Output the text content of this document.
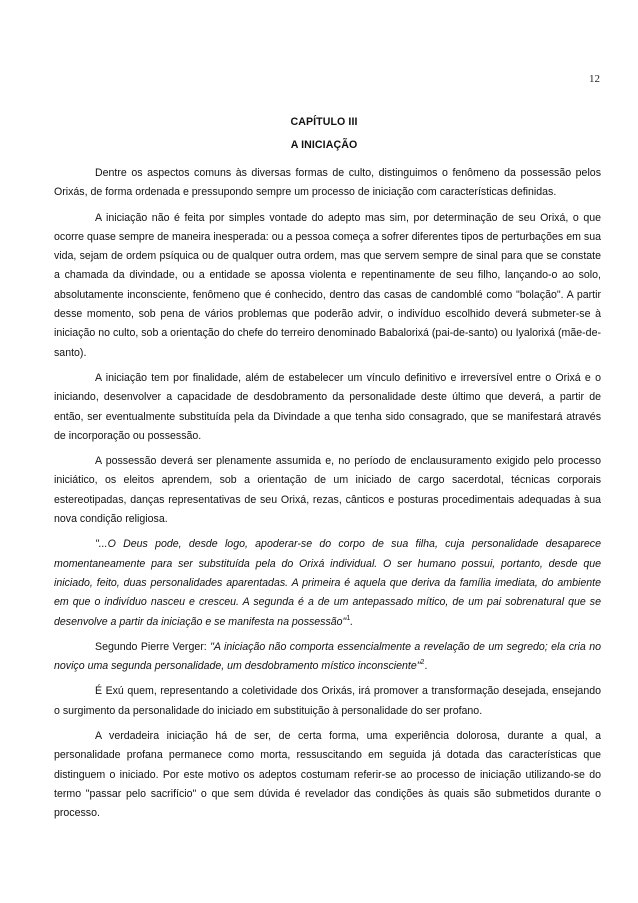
12
CAPÍTULO III
A INICIAÇÃO

Dentre os aspectos comuns às diversas formas de culto, distinguimos o fenômeno da possessão pelos Orixás, de forma ordenada e pressupondo sempre um processo de iniciação com características definidas.

A iniciação não é feita por simples vontade do adepto mas sim, por determinação de seu Orixá, o que ocorre quase sempre de maneira inesperada: ou a pessoa começa a sofrer diferentes tipos de perturbações em sua vida, sejam de ordem psíquica ou de qualquer outra ordem, mas que servem sempre de sinal para que se constate a chamada da divindade, ou a entidade se apossa violenta e repentinamente de seu filho, lançando-o ao solo, absolutamente inconsciente, fenômeno que é conhecido, dentro das casas de candomblé como "bolação". A partir desse momento, sob pena de vários problemas que poderão advir, o indivíduo escolhido deverá submeter-se à iniciação no culto, sob a orientação do chefe do terreiro denominado Babalorixá (pai-de-santo) ou Iyalorixá (mãe-de-santo).

A iniciação tem por finalidade, além de estabelecer um vínculo definitivo e irreversível entre o Orixá e o iniciando, desenvolver a capacidade de desdobramento da personalidade deste último que deverá, a partir de então, ser eventualmente substituída pela da Divindade a que tenha sido consagrado, que se manifestará através de incorporação ou possessão.

A possessão deverá ser plenamente assumida e, no período de enclausuramento exigido pelo processo iniciático, os eleitos aprendem, sob a orientação de um iniciado de cargo sacerdotal, técnicas corporais estereotipadas, danças representativas de seu Orixá, rezas, cânticos e posturas procedimentais adequadas à sua nova condição religiosa.

"...O Deus pode, desde logo, apoderar-se do corpo de sua filha, cuja personalidade desaparece momentaneamente para ser substituída pela do Orixá individual. O ser humano possui, portanto, desde que iniciado, feito, duas personalidades aparentadas. A primeira é aquela que deriva da família imediata, do ambiente em que o indivíduo nasceu e cresceu. A segunda é a de um antepassado mítico, de um pai sobrenatural que se desenvolve a partir da iniciação e se manifesta na possessão"$^1$.

Segundo Pierre Verger: "A iniciação não comporta essencialmente a revelação de um segredo; ela cria no noviço uma segunda personalidade, um desdobramento místico inconsciente"$^2$.

É Exú quem, representando a coletividade dos Orixás, irá promover a transformação desejada, ensejando o surgimento da personalidade do iniciado em substituição à personalidade do ser profano.

A verdadeira iniciação há de ser, de certa forma, uma experiência dolorosa, durante a qual, a personalidade profana permanece como morta, ressuscitando em seguida já dotada das características que distinguem o iniciado. Por este motivo os adeptos costumam referir-se ao processo de iniciação utilizando-se do termo "passar pelo sacrifício" o que sem dúvida é revelador das condições às quais são submetidos durante o processo.
